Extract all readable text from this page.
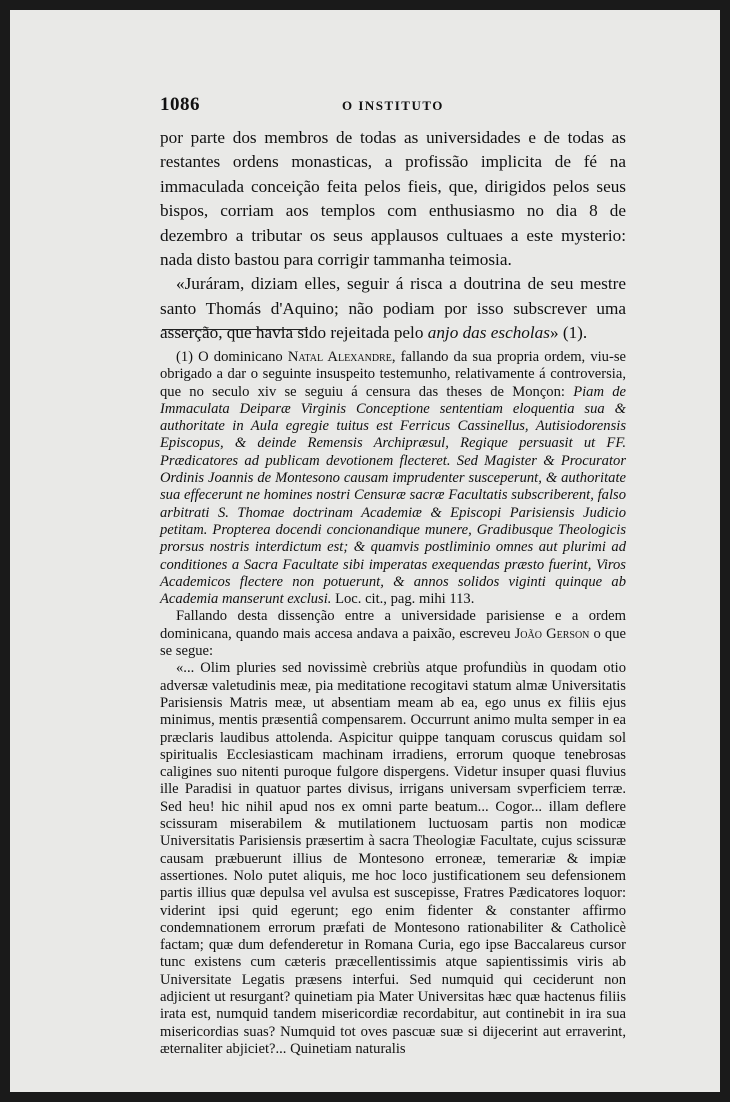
1086	O INSTITUTO

por parte dos membros de todas as universidades e de todas as restantes ordens monasticas, a profissão implicita de fé na immaculada conceição feita pelos fieis, que, dirigidos pelos seus bispos, corriam aos templos com enthusiasmo no dia 8 de dezembro a tributar os seus applausos cultuaes a este mysterio: nada disto bastou para corrigir tammanha teimosia.

«Juráram, diziam elles, seguir á risca a doutrina de seu mestre santo Thomás d'Aquino; não podiam por isso subscrever uma asserção, que havia sido rejeitada pelo anjo das escholas» (1).

(1) O dominicano Natal Alexandre, fallando da sua propria ordem, viu-se obrigado a dar o seguinte insuspeito testemunho, relativamente á controversia, que no seculo xiv se seguiu á censura das theses de Monçon: Piam de Immaculata Deiparæ Virginis Conceptione sententiam eloquentia sua & authoritate in Aula egregie tuitus est Ferricus Cassinellus, Autisiodorensis Episcopus, & deinde Remensis Archipræsul, Regique persuasit ut FF. Prædicatores ad publicam devotionem flecteret. Sed Magister & Procurator Ordinis Joannis de Montesono causam imprudenter susceperunt, & authoritate sua effecerunt ne homines nostri Censuræ sacræ Facultatis subscriberent, falso arbitrati S. Thomae doctrinam Academiæ & Episcopi Parisiensis Judicio petitam. Propterea docendi concionandique munere, Gradibusque Theologicis prorsus nostris interdictum est; & quamvis postliminio omnes aut plurimi ad conditiones a Sacra Facultate sibi imperatas exequendas præsto fuerint, Viros Academicos flectere non potuerunt, & annos solidos viginti quinque ab Academia manserunt exclusi. Loc. cit., pag. mihi 113.

Fallando desta dissenção entre a universidade parisiense e a ordem dominicana, quando mais accesa andava a paixão, escreveu João Gerson o que se segue:

«... Olim pluries sed novissimè crebriùs atque profundiùs in quodam otio adversæ valetudinis meæ, pia meditatione recogitavi statum almæ Universitatis Parisiensis Matris meæ, ut absentiam meam ab ea, ego unus ex filiis ejus minimus, mentis præsentiâ compensarem. Occurrunt animo multa semper in ea præclaris laudibus attolenda. Aspicitur quippe tanquam coruscus quidam sol spiritualis Ecclesiasticam machinam irradiens, errorum quoque tenebrosas caligines suo nitenti puroque fulgore dispergens. Videtur insuper quasi fluvius ille Paradisi in quatuor partes divisus, irrigans universam svperficiem terræ. Sed heu! hic nihil apud nos ex omni parte beatum... Cogor... illam deflere scissuram miserabilem & mutilationem luctuosam partis non modicæ Universitatis Parisiensis præsertim à sacra Theologiæ Facultate, cujus scissuræ causam præbuerunt illius de Montesono erroneæ, temerariæ & impiæ assertiones. Nolo putet aliquis, me hoc loco justificationem seu defensionem partis illius quæ depulsa vel avulsa est suscepisse, Fratres Pædicatores loquor: viderint ipsi quid egerunt; ego enim fidenter & constanter affirmo condemnationem errorum præfati de Montesono rationabiliter & Catholicè factam; quæ dum defenderetur in Romana Curia, ego ipse Baccalareus cursor tunc existens cum cæteris præcellentissimis atque sapientissimis viris ab Universitate Legatis præsens interfui. Sed numquid qui ceciderunt non adjicient ut resurgant? quinetiam pia Mater Universitas hæc quæ hactenus filiis irata est, numquid tandem misericordiæ recordabitur, aut continebit in ira sua misericordias suas? Numquid tot oves pascuæ suæ si dijecerint aut erraverint, æternaliter abjiciet?... Quinetiam naturalis
